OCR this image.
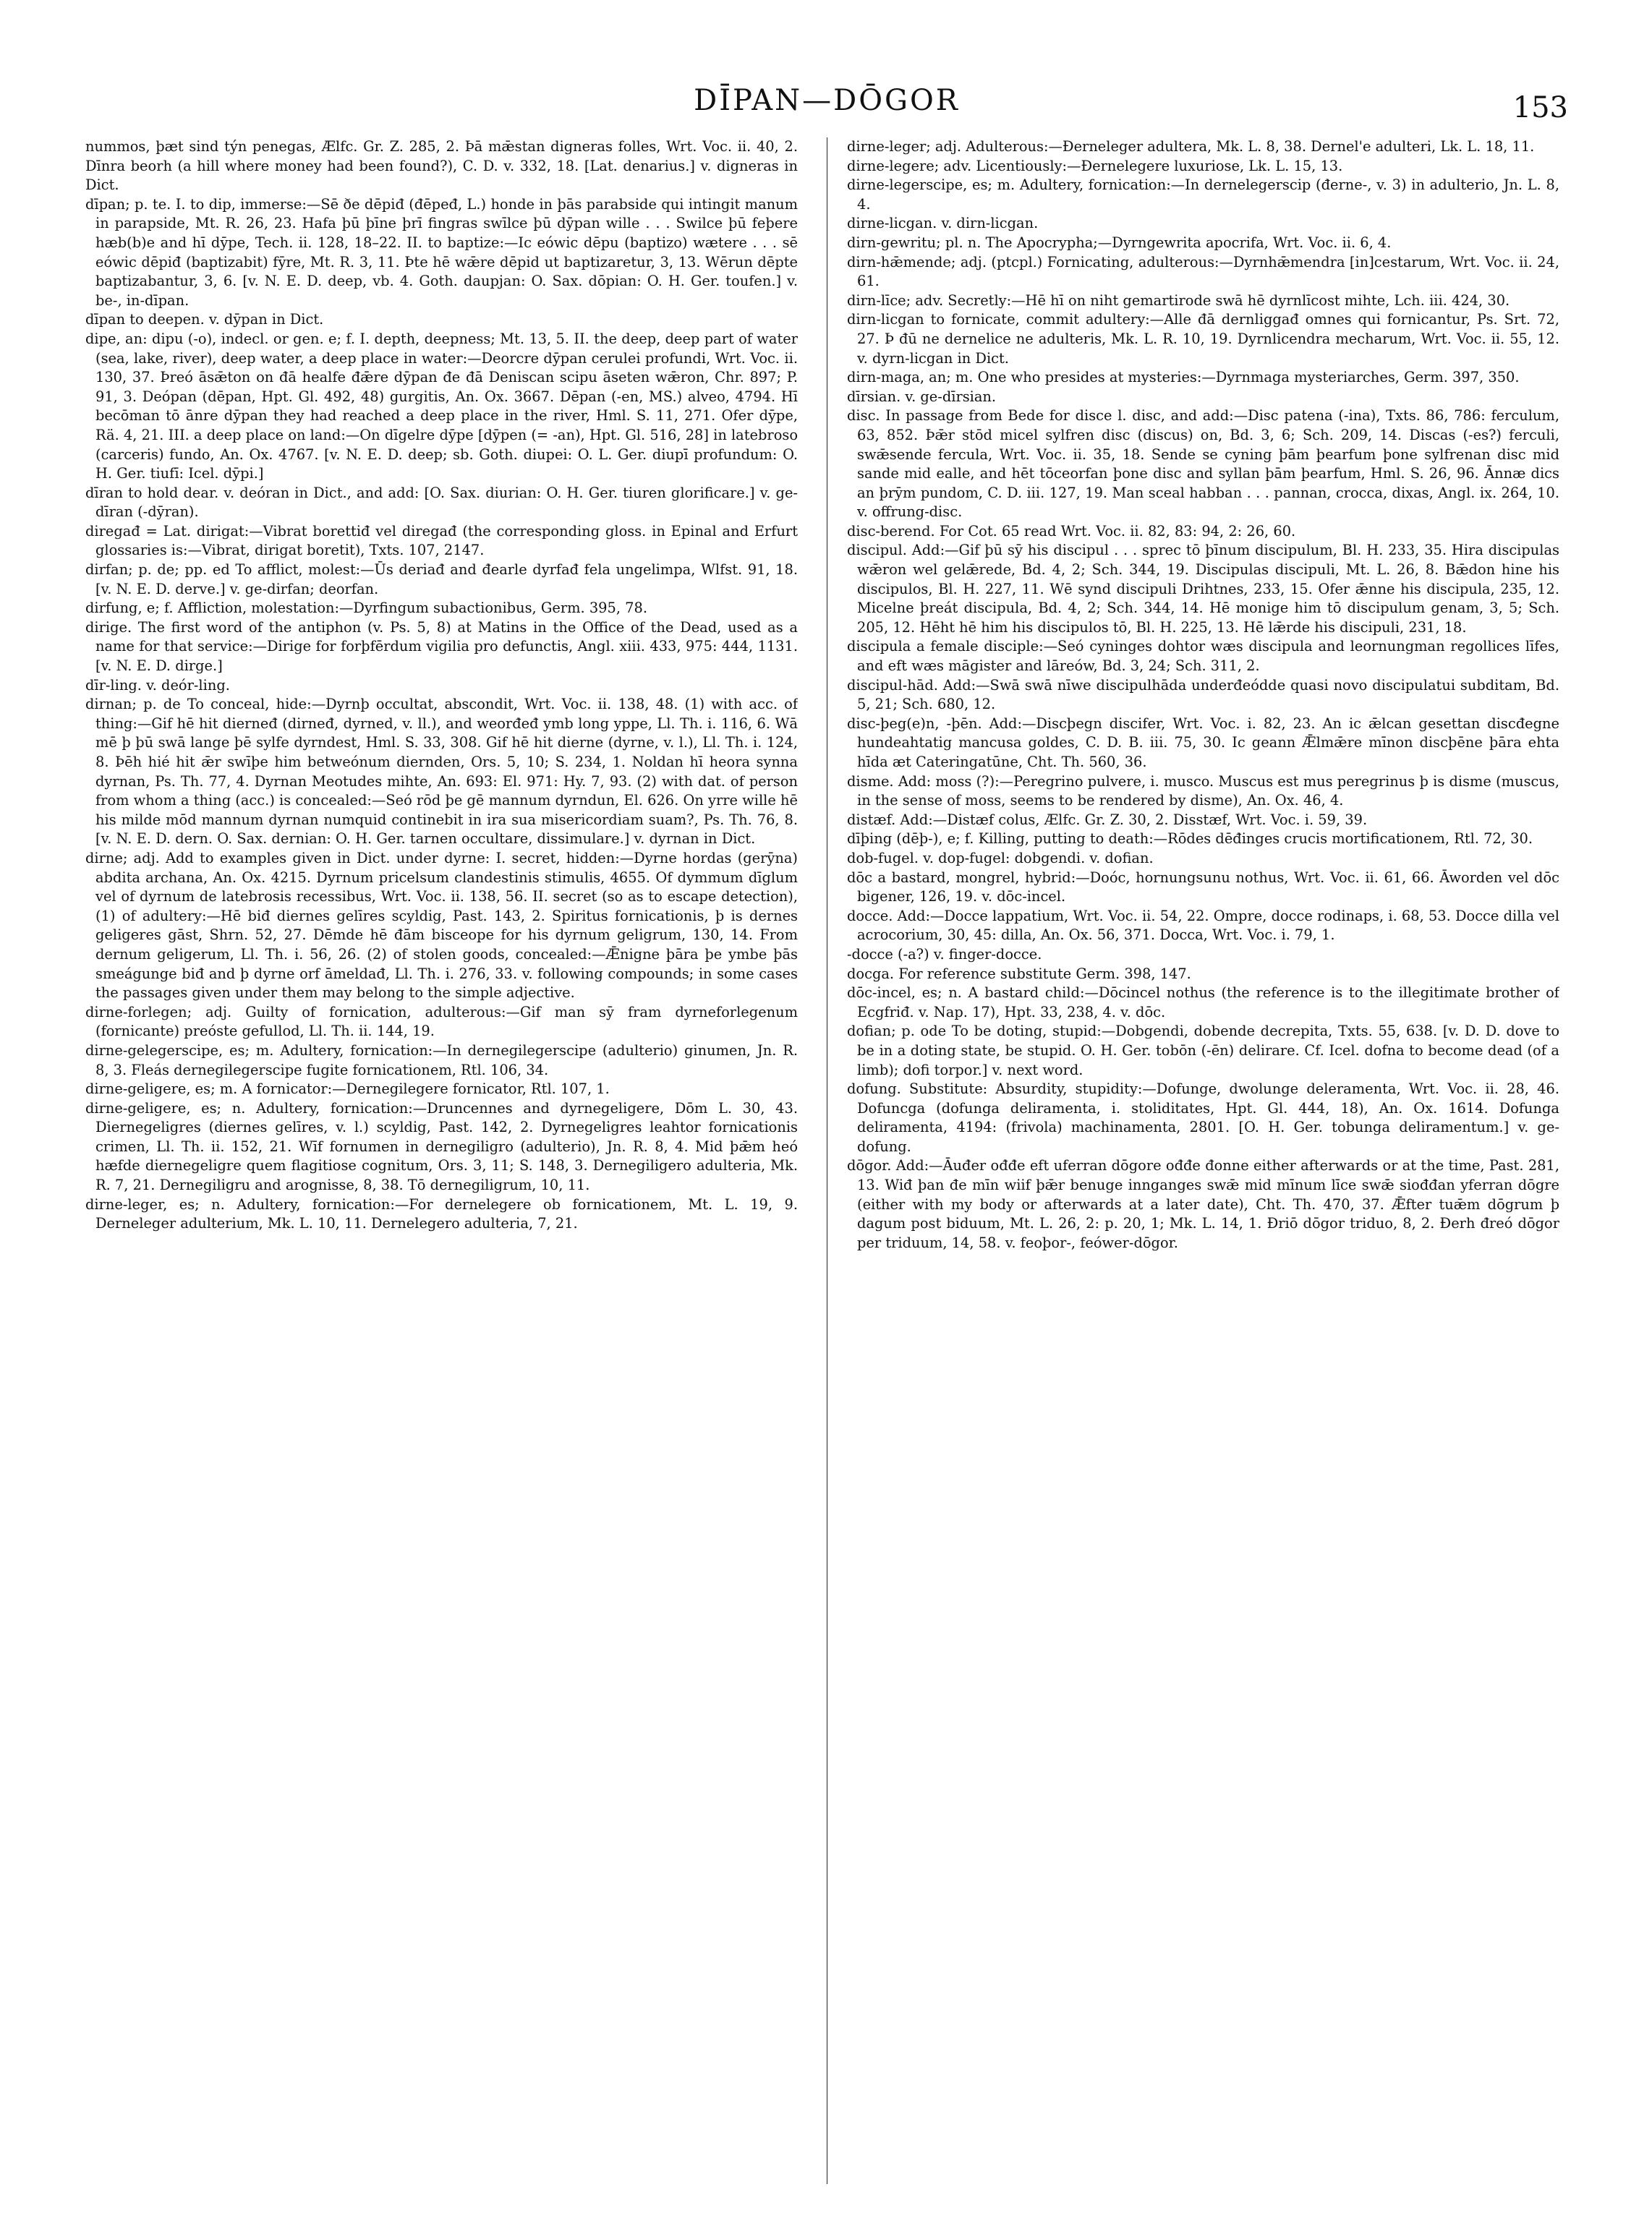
DĪPAN—DŌGOR	153

nummos, þæt sind týn penegas, Ælfc. Gr. Z. 285, 2. Þā mǣstan digneras folles, Wrt. Voc. ii. 40, 2. Dīnra beorh (a hill where money had been found?), C. D. v. 332, 18. [Lat. denarius.] v. digneras in Dict.

dīpan; p. te. I. to dip, immerse:—Sē ðe dēpiđ (đēpeđ, L.) honde in þās parabside qui intingit manum in parapside, Mt. R. 26, 23. Hafa þū þīne þrī fingras swīlce þū dȳpan wille . . . Swilce þū feþere hæb(b)e and hī dȳpe, Tech. ii. 128, 18–22. II. to baptize:—Ic eówic dēpu (baptizo) wætere . . . sē eówic dēpiđ (baptizabit) fȳre, Mt. R. 3, 11. Þte hē wǣre dēpid ut baptizaretur, 3, 13. Wērun dēpte baptizabantur, 3, 6. [v. N. E. D. deep, vb. 4. Goth. daupjan: O. Sax. dōpian: O. H. Ger. toufen.] v. be-, in-dīpan.

dīpan to deepen. v. dȳpan in Dict.

dipe, an: dipu (-o), indecl. or gen. e; f. I. depth, deepness; Mt. 13, 5. II. the deep, deep part of water (sea, lake, river), deep water, a deep place in water:—Deorcre dȳpan cerulei profundi, Wrt. Voc. ii. 130, 37. Þreó āsǣton on đā healfe đǣre dȳpan đe đā Deniscan scipu āseten wǣron, Chr. 897; P. 91, 3. Deópan (dēpan, Hpt. Gl. 492, 48) gurgitis, An. Ox. 3667. Dēpan (-en, MS.) alveo, 4794. Hī becōman tō ānre dȳpan they had reached a deep place in the river, Hml. S. 11, 271. Ofer dȳpe, Rä. 4, 21. III. a deep place on land:—On dīgelre dȳpe [dȳpen (= -an), Hpt. Gl. 516, 28] in latebroso (carceris) fundo, An. Ox. 4767. [v. N. E. D. deep; sb. Goth. diupei: O. L. Ger. diupī profundum: O. H. Ger. tiufī: Icel. dȳpi.]

dīran to hold dear. v. deóran in Dict., and add: [O. Sax. diurian: O. H. Ger. tiuren glorificare.] v. ge-dīran (-dȳran).

diregađ = Lat. dirigat:—Vibrat borettiđ vel diregađ (the corresponding gloss. in Epinal and Erfurt glossaries is:—Vibrat, dirigat boretit), Txts. 107, 2147.

dirfan; p. de; pp. ed To afflict, molest:—Ūs deriađ and đearle dyrfađ fela ungelimpa, Wlfst. 91, 18. [v. N. E. D. derve.] v. ge-dirfan; deorfan.

dirfung, e; f. Affliction, molestation:—Dyrfingum subactionibus, Germ. 395, 78.

dirige. The first word of the antiphon (v. Ps. 5, 8) at Matins in the Office of the Dead, used as a name for that service:—Dirige for forþfērdum vigilia pro defunctis, Angl. xiii. 433, 975: 444, 1131. [v. N. E. D. dirge.]

dīr-ling. v. deór-ling.

dirnan; p. de To conceal, hide:—Dyrnþ occultat, abscondit, Wrt. Voc. ii. 138, 48. (1) with acc. of thing:—Gif hē hit dierneđ (dirneđ, dyrned, v. ll.), and weorđeđ ymb long yppe, Ll. Th. i. 116, 6. Wā mē þ þū swā lange þē sylfe dyrndest, Hml. S. 33, 308. Gif hē hit dierne (dyrne, v. l.), Ll. Th. i. 124, 8. Þēh hié hit ǣr swīþe him betweónum diernden, Ors. 5, 10; S. 234, 1. Noldan hī heora synna dyrnan, Ps. Th. 77, 4. Dyrnan Meotudes mihte, An. 693: El. 971: Hy. 7, 93. (2) with dat. of person from whom a thing (acc.) is concealed:—Seó rōd þe gē mannum dyrndun, El. 626. On yrre wille hē his milde mōd mannum dyrnan numquid continebit in ira sua misericordiam suam?, Ps. Th. 76, 8. [v. N. E. D. dern. O. Sax. dernian: O. H. Ger. tarnen occultare, dissimulare.] v. dyrnan in Dict.

dirne; adj. Add to examples given in Dict. under dyrne: I. secret, hidden:—Dyrne hordas (gerȳna) abdita archana, An. Ox. 4215. Dyrnum pricelsum clandestinis stimulis, 4655. Of dymmum dīglum vel of dyrnum de latebrosis recessibus, Wrt. Voc. ii. 138, 56. II. secret (so as to escape detection), (1) of adultery:—Hē biđ diernes gelīres scyldig, Past. 143, 2. Spiritus fornicationis, þ is dernes geligeres gāst, Shrn. 52, 27. Dēmde hē đām bisceope for his dyrnum geligrum, 130, 14. From dernum geligerum, Ll. Th. i. 56, 26. (2) of stolen goods, concealed:—Ǣnigne þāra þe ymbe þās smeágunge biđ and þ dyrne orf āmeldađ, Ll. Th. i. 276, 33. v. following compounds; in some cases the passages given under them may belong to the simple adjective.

dirne-forlegen; adj. Guilty of fornication, adulterous:—Gif man sȳ fram dyrneforlegenum (fornicante) preóste gefullod, Ll. Th. ii. 144, 19.

dirne-gelegerscipe, es; m. Adultery, fornication:—In dernegilegerscipe (adulterio) ginumen, Jn. R. 8, 3. Fleás dernegilegerscipe fugite fornicationem, Rtl. 106, 34.

dirne-geligere, es; m. A fornicator:—Dernegilegere fornicator, Rtl. 107, 1.

dirne-geligere, es; n. Adultery, fornication:—Druncennes and dyrnegeligere, Dōm L. 30, 43. Diernegeligres (diernes gelīres, v. l.) scyldig, Past. 142, 2. Dyrnegeligres leahtor fornicationis crimen, Ll. Th. ii. 152, 21. Wīf fornumen in dernegiligro (adulterio), Jn. R. 8, 4. Mid þǣm heó hæfde diernegeligre quem flagitiose cognitum, Ors. 3, 11; S. 148, 3. Dernegiligero adulteria, Mk. R. 7, 21. Dernegiligru and arognisse, 8, 38. Tō dernegiligrum, 10, 11.

dirne-leger, es; n. Adultery, fornication:—For dernelegere ob fornicationem, Mt. L. 19, 9. Derneleger adulterium, Mk. L. 10, 11. Dernelegero adulteria, 7, 21.

dirne-leger; adj. Adulterous:—Đerneleger adultera, Mk. L. 8, 38. Dernel'e adulteri, Lk. L. 18, 11.

dirne-legere; adv. Licentiously:—Đernelegere luxuriose, Lk. L. 15, 13.

dirne-legerscipe, es; m. Adultery, fornication:—In dernelegerscip (đerne-, v. 3) in adulterio, Jn. L. 8, 4.

dirne-licgan. v. dirn-licgan.

dirn-gewritu; pl. n. The Apocrypha;—Dyrngewrita apocrifa, Wrt. Voc. ii. 6, 4.

dirn-hǣmende; adj. (ptcpl.) Fornicating, adulterous:—Dyrnhǣmendra [in]cestarum, Wrt. Voc. ii. 24, 61.

dirn-līce; adv. Secretly:—Hē hī on niht gemartirode swā hē dyrnlīcost mihte, Lch. iii. 424, 30.

dirn-licgan to fornicate, commit adultery:—Alle đā dernliggađ omnes qui fornicantur, Ps. Srt. 72, 27. Þ đū ne dernelice ne adulteris, Mk. L. R. 10, 19. Dyrnlicendra mecharum, Wrt. Voc. ii. 55, 12. v. dyrn-licgan in Dict.

dirn-maga, an; m. One who presides at mysteries:—Dyrnmaga mysteriarches, Germ. 397, 350.

dīrsian. v. ge-dīrsian.

disc. In passage from Bede for disce l. disc, and add:—Disc patena (-ina), Txts. 86, 786: ferculum, 63, 852. Þǣr stōd micel sylfren disc (discus) on, Bd. 3, 6; Sch. 209, 14. Discas (-es?) ferculi, swǣsende fercula, Wrt. Voc. ii. 35, 18. Sende se cyning þām þearfum þone sylfrenan disc mid sande mid ealle, and hēt tōceorfan þone disc and syllan þām þearfum, Hml. S. 26, 96. Ānnæ dics an þrȳm pundom, C. D. iii. 127, 19. Man sceal habban . . . pannan, crocca, dixas, Angl. ix. 264, 10. v. offrung-disc.

disc-berend. For Cot. 65 read Wrt. Voc. ii. 82, 83: 94, 2: 26, 60.

discipul. Add:—Gif þū sȳ his discipul . . . sprec tō þīnum discipulum, Bl. H. 233, 35. Hira discipulas wǣron wel gelǣrede, Bd. 4, 2; Sch. 344, 19. Discipulas discipuli, Mt. L. 26, 8. Bǣdon hine his discipulos, Bl. H. 227, 11. Wē synd discipuli Drihtnes, 233, 15. Ofer ǣnne his discipula, 235, 12. Micelne þreát discipula, Bd. 4, 2; Sch. 344, 14. Hē monige him tō discipulum genam, 3, 5; Sch. 205, 12. Hēht hē him his discipulos tō, Bl. H. 225, 13. Hē lǣrde his discipuli, 231, 18.

discipula a female disciple:—Seó cyninges dohtor wæs discipula and leornungman regollices līfes, and eft wæs māgister and lāreów, Bd. 3, 24; Sch. 311, 2.

discipul-hād. Add:—Swā swā nīwe discipulhāda underđeódde quasi novo discipulatui subditam, Bd. 5, 21; Sch. 680, 12.

disc-þeg(e)n, -þēn. Add:—Discþegn discifer, Wrt. Voc. i. 82, 23. An ic ǣlcan gesettan discđegne hundeahtatig mancusa goldes, C. D. B. iii. 75, 30. Ic geann Ǣlmǣre mīnon discþēne þāra ehta hīda æt Cateringatūne, Cht. Th. 560, 36.

disme. Add: moss (?):—Peregrino pulvere, i. musco. Muscus est mus peregrinus þ is disme (muscus, in the sense of moss, seems to be rendered by disme), An. Ox. 46, 4.

distæf. Add:—Distæf colus, Ælfc. Gr. Z. 30, 2. Disstæf, Wrt. Voc. i. 59, 39.

dīþing (dēþ-), e; f. Killing, putting to death:—Rōdes dēđinges crucis mortificationem, Rtl. 72, 30.

dob-fugel. v. dop-fugel: dobgendi. v. dofian.

dōc a bastard, mongrel, hybrid:—Doóc, hornungsunu nothus, Wrt. Voc. ii. 61, 66. Āworden vel dōc bigener, 126, 19. v. dōc-incel.

docce. Add:—Docce lappatium, Wrt. Voc. ii. 54, 22. Ompre, docce rodinaps, i. 68, 53. Docce dilla vel acrocorium, 30, 45: dilla, An. Ox. 56, 371. Docca, Wrt. Voc. i. 79, 1.

-docce (-a?) v. finger-docce.

docga. For reference substitute Germ. 398, 147.

dōc-incel, es; n. A bastard child:—Dōcincel nothus (the reference is to the illegitimate brother of Ecgfriđ. v. Nap. 17), Hpt. 33, 238, 4. v. dōc.

dofian; p. ode To be doting, stupid:—Dobgendi, dobende decrepita, Txts. 55, 638. [v. D. D. dove to be in a doting state, be stupid. O. H. Ger. tobōn (-ēn) delirare. Cf. Icel. dofna to become dead (of a limb); dofi torpor.] v. next word.

dofung. Substitute: Absurdity, stupidity:—Dofunge, dwolunge deleramenta, Wrt. Voc. ii. 28, 46. Dofuncga (dofunga deliramenta, i. stoliditates, Hpt. Gl. 444, 18), An. Ox. 1614. Dofunga deliramenta, 4194: (frivola) machinamenta, 2801. [O. H. Ger. tobunga deliramentum.] v. ge-dofung.

dōgor. Add:—Āuđer ođđe eft uferran dōgore ođđe đonne either afterwards or at the time, Past. 281, 13. Wiđ þan đe mīn wiif þǣr benuge innganges swǣ mid mīnum līce swǣ siođđan yferran dōgre (either with my body or afterwards at a later date), Cht. Th. 470, 37. Ǣfter tuǣm dōgrum þ dagum post biduum, Mt. L. 26, 2: p. 20, 1; Mk. L. 14, 1. Đriō dōgor triduo, 8, 2. Đerh đreó dōgor per triduum, 14, 58. v. feoþor-, feówer-dōgor.
